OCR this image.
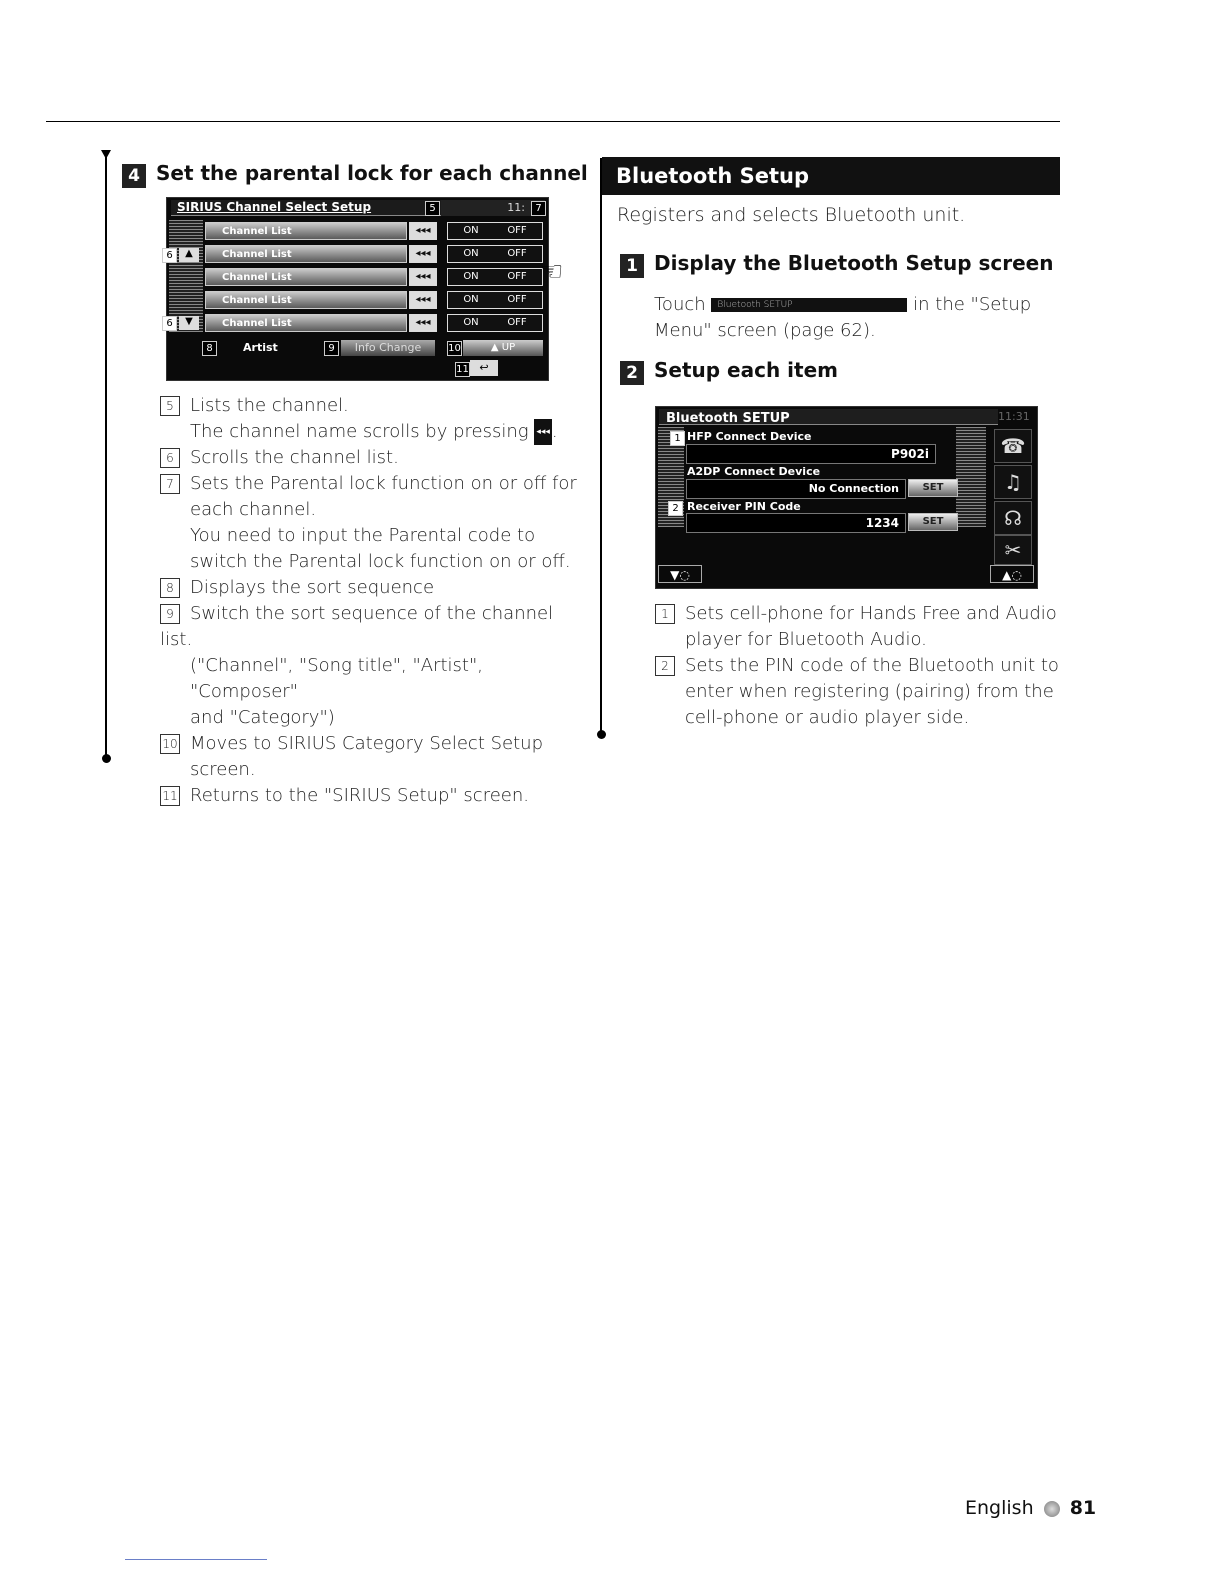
4 Set the parental lock for each channel
SIRIUS Channel Select Setup	5	11:	7
6	▲
6	▼
Channel List	◂◂◂	ON	OFF
Channel List	◂◂◂	ON	OFF
Channel List	◂◂◂	ON	OFF
Channel List	◂◂◂	ON	OFF
Channel List	◂◂◂	ON	OFF
8	Artist	9	Info Change	10	▲ UP
11 ↩
☜
5 Lists the channel.
The channel name scrolls by pressing ◂◂◂ .
6 Scrolls the channel list.
7 Sets the Parental lock function on or off for
each channel.
You need to input the Parental code to
switch the Parental lock function on or off.
8 Displays the sort sequence
9 Switch the sort sequence of the channel list.
("Channel", "Song title", "Artist", "Composer"
and "Category")
10 Moves to SIRIUS Category Select Setup
screen.
11 Returns to the "SIRIUS Setup" screen.
Bluetooth Setup
Registers and selects Bluetooth unit.
1 Display the Bluetooth Setup screen
Touch Bluetooth SETUP	in the "Setup
Menu" screen (page 62).
2 Setup each item
Bluetooth SETUP	11:31
1 HFP Connect Device
P902i
A2DP Connect Device
No Connection	SET
2 Receiver PIN Code
1234	SET
▼◌	▲◌
☎
♫
☊
✂
1 Sets cell-phone for Hands Free and Audio
player for Bluetooth Audio.
2 Sets the PIN code of the Bluetooth unit to
enter when registering (pairing) from the
cell-phone or audio player side.
English 81
